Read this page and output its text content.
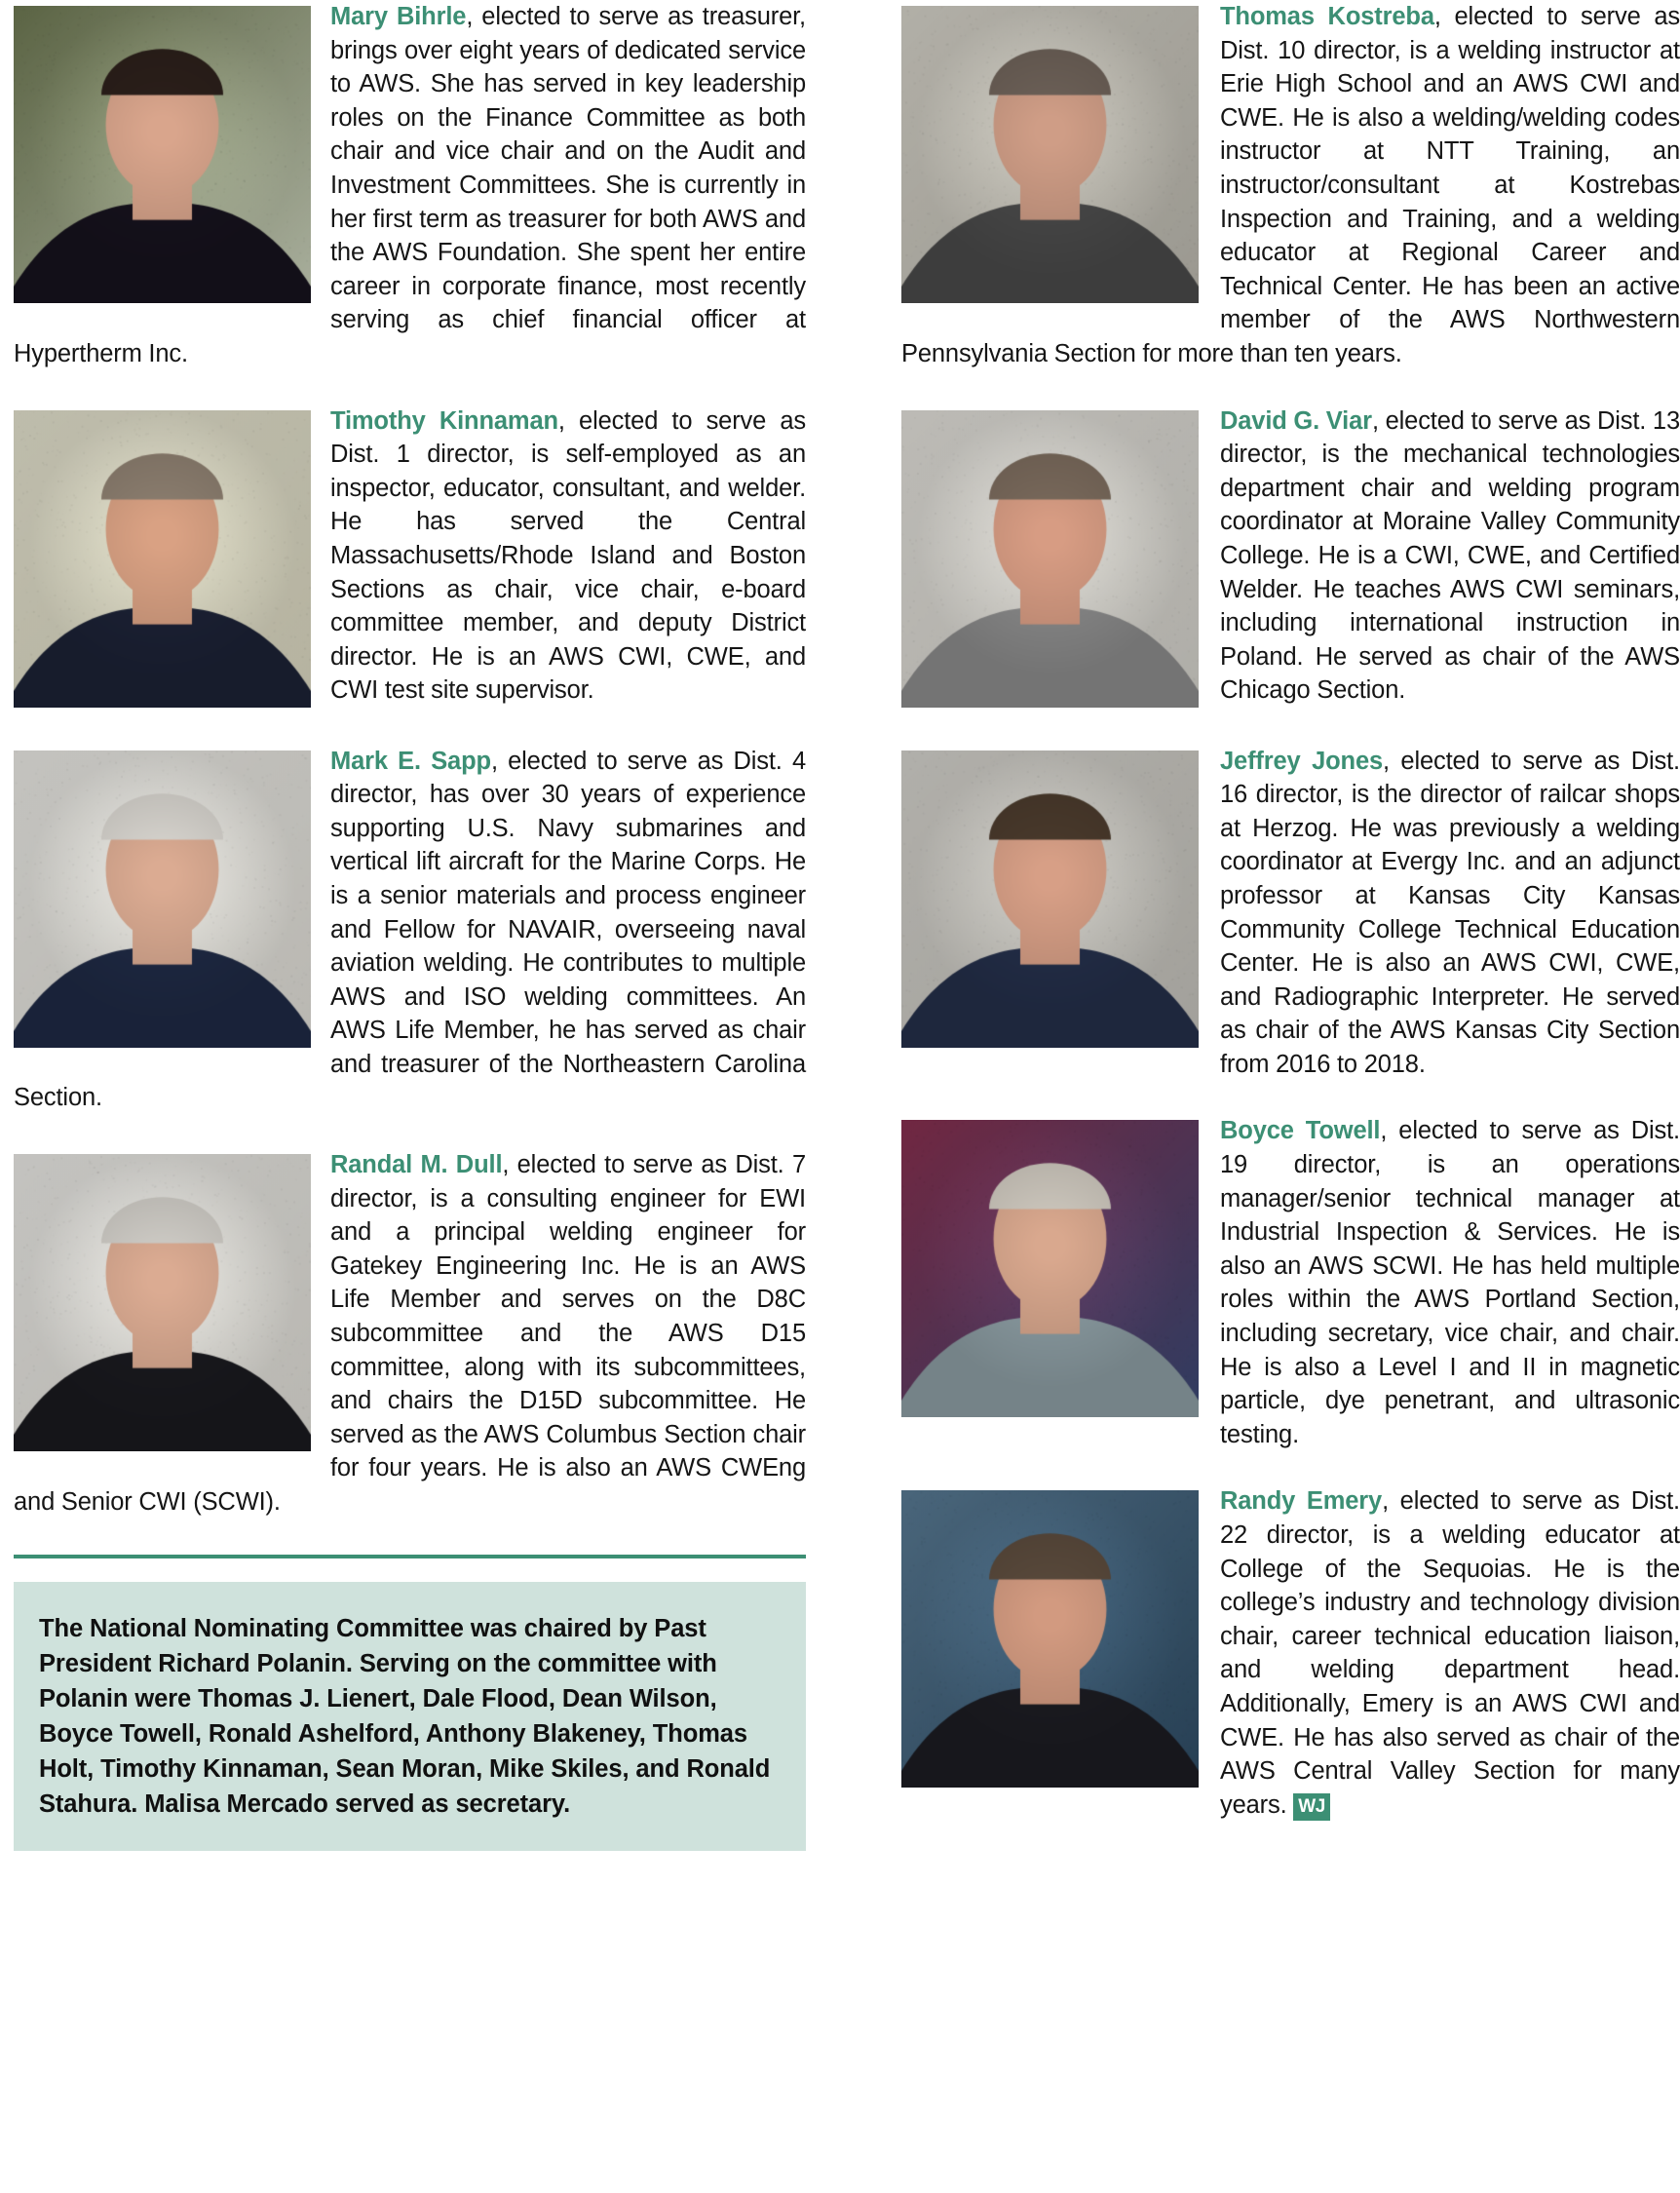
Mary Bihrle, elected to serve as treasurer, brings over eight years of dedicated service to AWS. She has served in key leadership roles on the Finance Committee as both chair and vice chair and on the Audit and Investment Committees. She is currently in her first term as treasurer for both AWS and the AWS Foundation. She spent her entire career in corporate finance, most recently serving as chief financial officer at Hypertherm Inc.
Timothy Kinnaman, elected to serve as Dist. 1 director, is self-employed as an inspector, educator, consultant, and welder. He has served the Central Massachusetts/Rhode Island and Boston Sections as chair, vice chair, e-board committee member, and deputy District director. He is an AWS CWI, CWE, and CWI test site supervisor.
Mark E. Sapp, elected to serve as Dist. 4 director, has over 30 years of experience supporting U.S. Navy submarines and vertical lift aircraft for the Marine Corps. He is a senior materials and process engineer and Fellow for NAVAIR, overseeing naval aviation welding. He contributes to multiple AWS and ISO welding committees. An AWS Life Member, he has served as chair and treasurer of the Northeastern Carolina Section.
Randal M. Dull, elected to serve as Dist. 7 director, is a consulting engineer for EWI and a principal welding engineer for Gatekey Engineering Inc. He is an AWS Life Member and serves on the D8C subcommittee and the AWS D15 committee, along with its subcommittees, and chairs the D15D subcommittee. He served as the AWS Columbus Section chair for four years. He is also an AWS CWEng and Senior CWI (SCWI).
The National Nominating Committee was chaired by Past President Richard Polanin. Serving on the committee with Polanin were Thomas J. Lienert, Dale Flood, Dean Wilson, Boyce Towell, Ronald Ashelford, Anthony Blakeney, Thomas Holt, Timothy Kinnaman, Sean Moran, Mike Skiles, and Ronald Stahura. Malisa Mercado served as secretary.
Thomas Kostreba, elected to serve as Dist. 10 director, is a welding instructor at Erie High School and an AWS CWI and CWE. He is also a welding/welding codes instructor at NTT Training, an instructor/consultant at Kostrebas Inspection and Training, and a welding educator at Regional Career and Technical Center. He has been an active member of the AWS Northwestern Pennsylvania Section for more than ten years.
David G. Viar, elected to serve as Dist. 13 director, is the mechanical technologies department chair and welding program coordinator at Moraine Valley Community College. He is a CWI, CWE, and Certified Welder. He teaches AWS CWI seminars, including international instruction in Poland. He served as chair of the AWS Chicago Section.
Jeffrey Jones, elected to serve as Dist. 16 director, is the director of railcar shops at Herzog. He was previously a welding coordinator at Evergy Inc. and an adjunct professor at Kansas City Kansas Community College Technical Education Center. He is also an AWS CWI, CWE, and Radiographic Interpreter. He served as chair of the AWS Kansas City Section from 2016 to 2018.
Boyce Towell, elected to serve as Dist. 19 director, is an operations manager/senior technical manager at Industrial Inspection & Services. He is also an AWS SCWI. He has held multiple roles within the AWS Portland Section, including secretary, vice chair, and chair. He is also a Level I and II in magnetic particle, dye penetrant, and ultrasonic testing.
Randy Emery, elected to serve as Dist. 22 director, is a welding educator at College of the Sequoias. He is the college’s industry and technology division chair, career technical education liaison, and welding department head. Additionally, Emery is an AWS CWI and CWE. He has also served as chair of the AWS Central Valley Section for many years. WJ
